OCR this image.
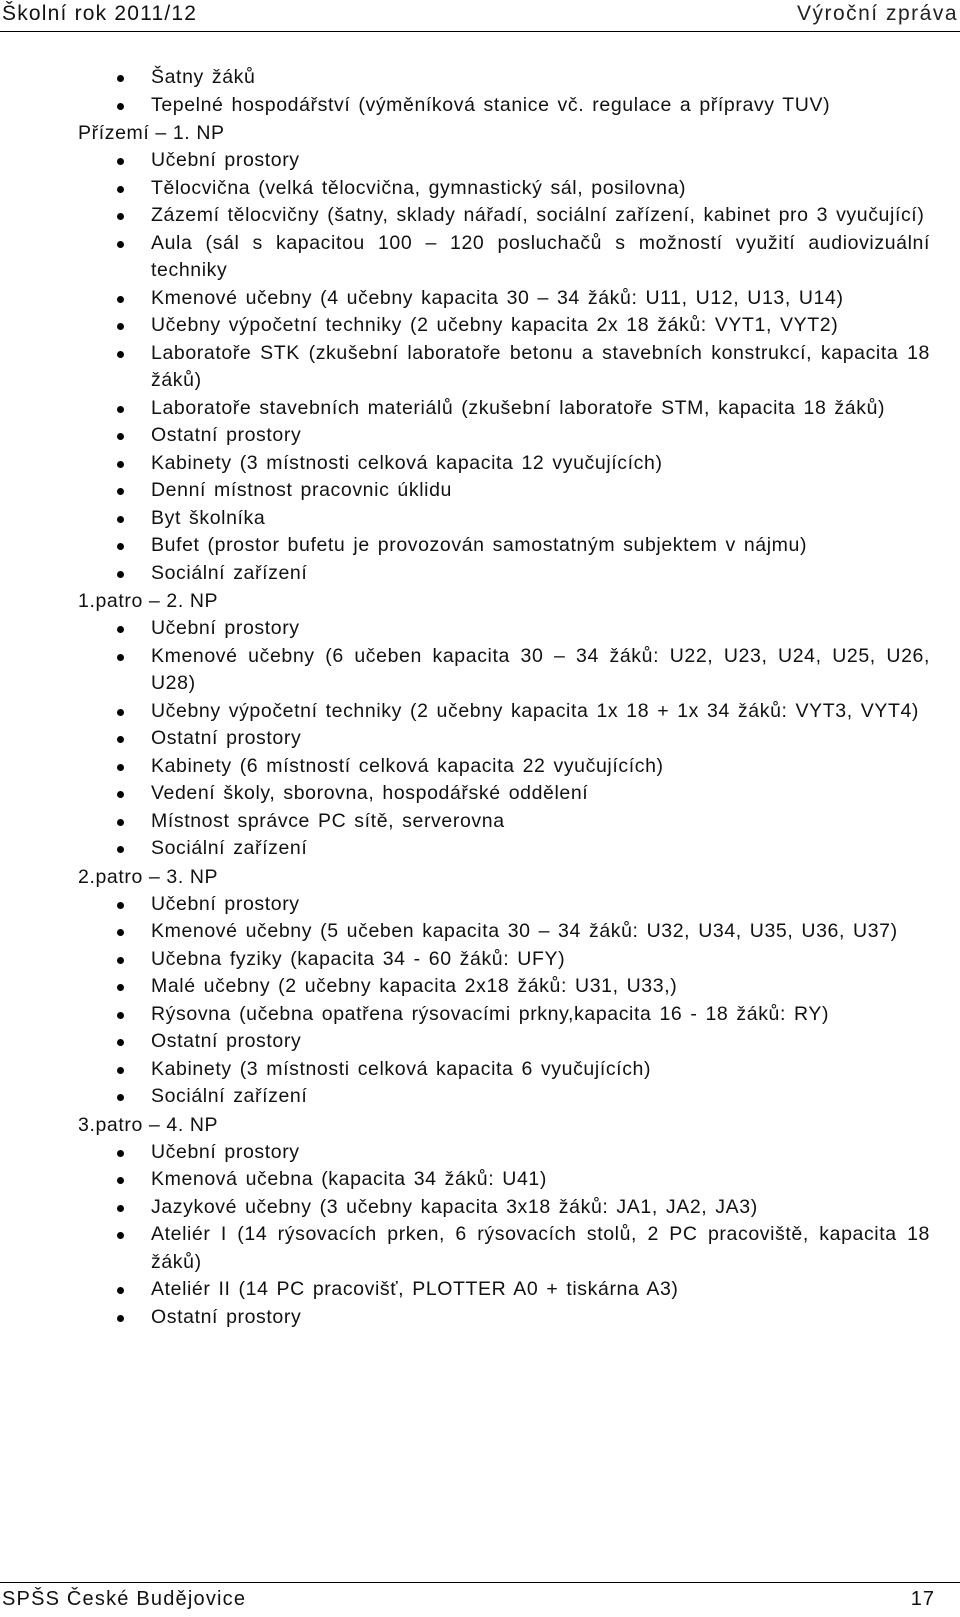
Školní rok 2011/12	Výroční zpráva
Šatny žáků
Tepelné hospodářství (výměníková stanice vč. regulace a přípravy TUV)
Přízemí – 1. NP
Učební prostory
Tělocvična (velká tělocvična, gymnastický sál, posilovna)
Zázemí tělocvičny (šatny, sklady nářadí, sociální zařízení, kabinet pro 3 vyučující)
Aula (sál s kapacitou 100 – 120 posluchačů s možností využití audiovizuální techniky
Kmenové učebny (4 učebny kapacita 30 – 34 žáků: U11, U12, U13, U14)
Učebny výpočetní techniky (2 učebny kapacita 2x 18 žáků: VYT1, VYT2)
Laboratoře STK (zkušební laboratoře betonu a stavebních konstrukcí, kapacita 18 žáků)
Laboratoře stavebních materiálů (zkušební laboratoře STM, kapacita 18 žáků)
Ostatní prostory
Kabinety (3 místnosti celková kapacita 12 vyučujících)
Denní místnost pracovnic úklidu
Byt školníka
Bufet (prostor bufetu je provozován samostatným subjektem v nájmu)
Sociální zařízení
1.patro – 2. NP
Učební prostory
Kmenové učebny (6 učeben kapacita 30 – 34 žáků: U22, U23, U24, U25, U26, U28)
Učebny výpočetní techniky (2 učebny kapacita 1x 18 + 1x 34 žáků: VYT3, VYT4)
Ostatní prostory
Kabinety (6 místností celková kapacita 22 vyučujících)
Vedení školy, sborovna, hospodářské oddělení
Místnost správce PC sítě, serverovna
Sociální zařízení
2.patro – 3. NP
Učební prostory
Kmenové učebny (5 učeben kapacita 30 – 34 žáků: U32, U34, U35, U36, U37)
Učebna fyziky (kapacita 34 - 60 žáků: UFY)
Malé učebny (2 učebny kapacita 2x18 žáků: U31, U33,)
Rýsovna (učebna opatřena rýsovacími prkny,kapacita 16 - 18 žáků: RY)
Ostatní prostory
Kabinety (3 místnosti celková kapacita 6 vyučujících)
Sociální zařízení
3.patro – 4. NP
Učební prostory
Kmenová učebna (kapacita 34 žáků: U41)
Jazykové učebny (3 učebny kapacita 3x18 žáků: JA1, JA2, JA3)
Ateliér I (14 rýsovacích prken, 6 rýsovacích stolů, 2 PC pracoviště, kapacita 18 žáků)
Ateliér II (14 PC pracovišť, PLOTTER A0 + tiskárna A3)
Ostatní prostory
SPŠS České Budějovice	17
